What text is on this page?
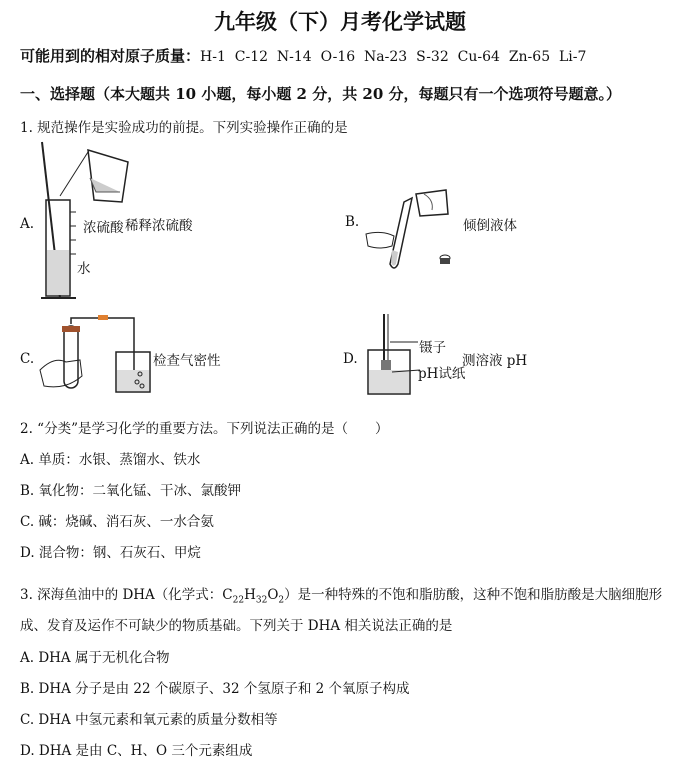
九年级（下）月考化学试题
可能用到的相对原子质量：H-1  C-12  N-14  O-16  Na-23  S-32  Cu-64  Zn-65  Li-7
一、选择题（本大题共 10 小题，每小题 2 分，共 20 分，每题只有一个选项符号题意。）
1. 规范操作是实验成功的前提。下列实验操作正确的是
A.	浓硫酸 稀释浓硫酸
水
B.	倾倒液体
C.	检查气密性	D.
镊子
pH试纸
测溶液 pH
2. “分类”是学习化学的重要方法。下列说法正确的是（　　）
A. 单质：水银、蒸馏水、铁水
B. 氧化物：二氧化锰、干冰、氯酸钾
C. 碱：烧碱、消石灰、一水合氨
D. 混合物：钢、石灰石、甲烷
3. 深海鱼油中的 DHA（化学式：$C_{22}H_{32}O_2$）是一种特殊的不饱和脂肪酸，这种不饱和脂肪酸是大脑细胞形
成、发育及运作不可缺少的物质基础。下列关于 DHA 相关说法正确的是
A. DHA 属于无机化合物
B. DHA 分子是由 22 个碳原子、32 个氢原子和 2 个氧原子构成
C. DHA 中氢元素和氧元素的质量分数相等
D. DHA 是由 C、H、O 三个元素组成
